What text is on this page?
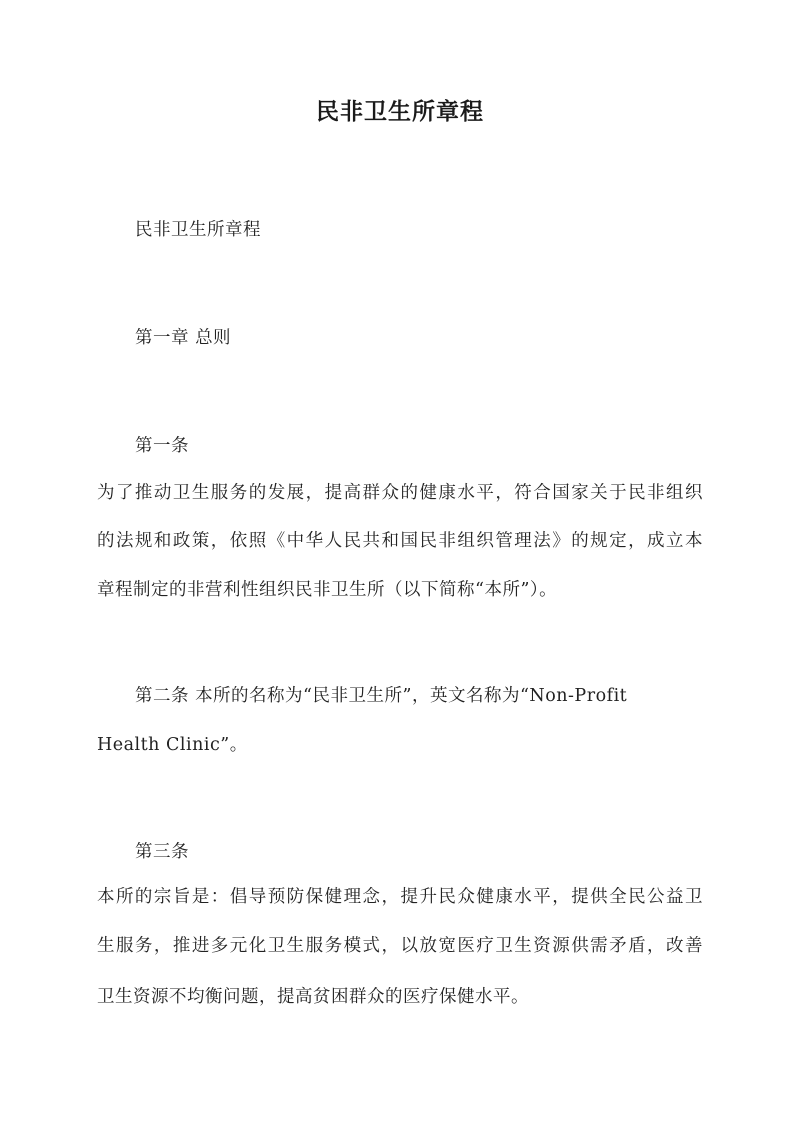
民非卫生所章程
民非卫生所章程
第一章 总则
第一条
为了推动卫生服务的发展，提高群众的健康水平，符合国家关于民非组织
的法规和政策，依照《中华人民共和国民非组织管理法》的规定，成立本
章程制定的非营利性组织民非卫生所（以下简称“本所”）。
第二条 本所的名称为“民非卫生所”，英文名称为“Non-Profit
Health Clinic”。
第三条
本所的宗旨是：倡导预防保健理念，提升民众健康水平，提供全民公益卫
生服务，推进多元化卫生服务模式，以放宽医疗卫生资源供需矛盾，改善
卫生资源不均衡问题，提高贫困群众的医疗保健水平。
